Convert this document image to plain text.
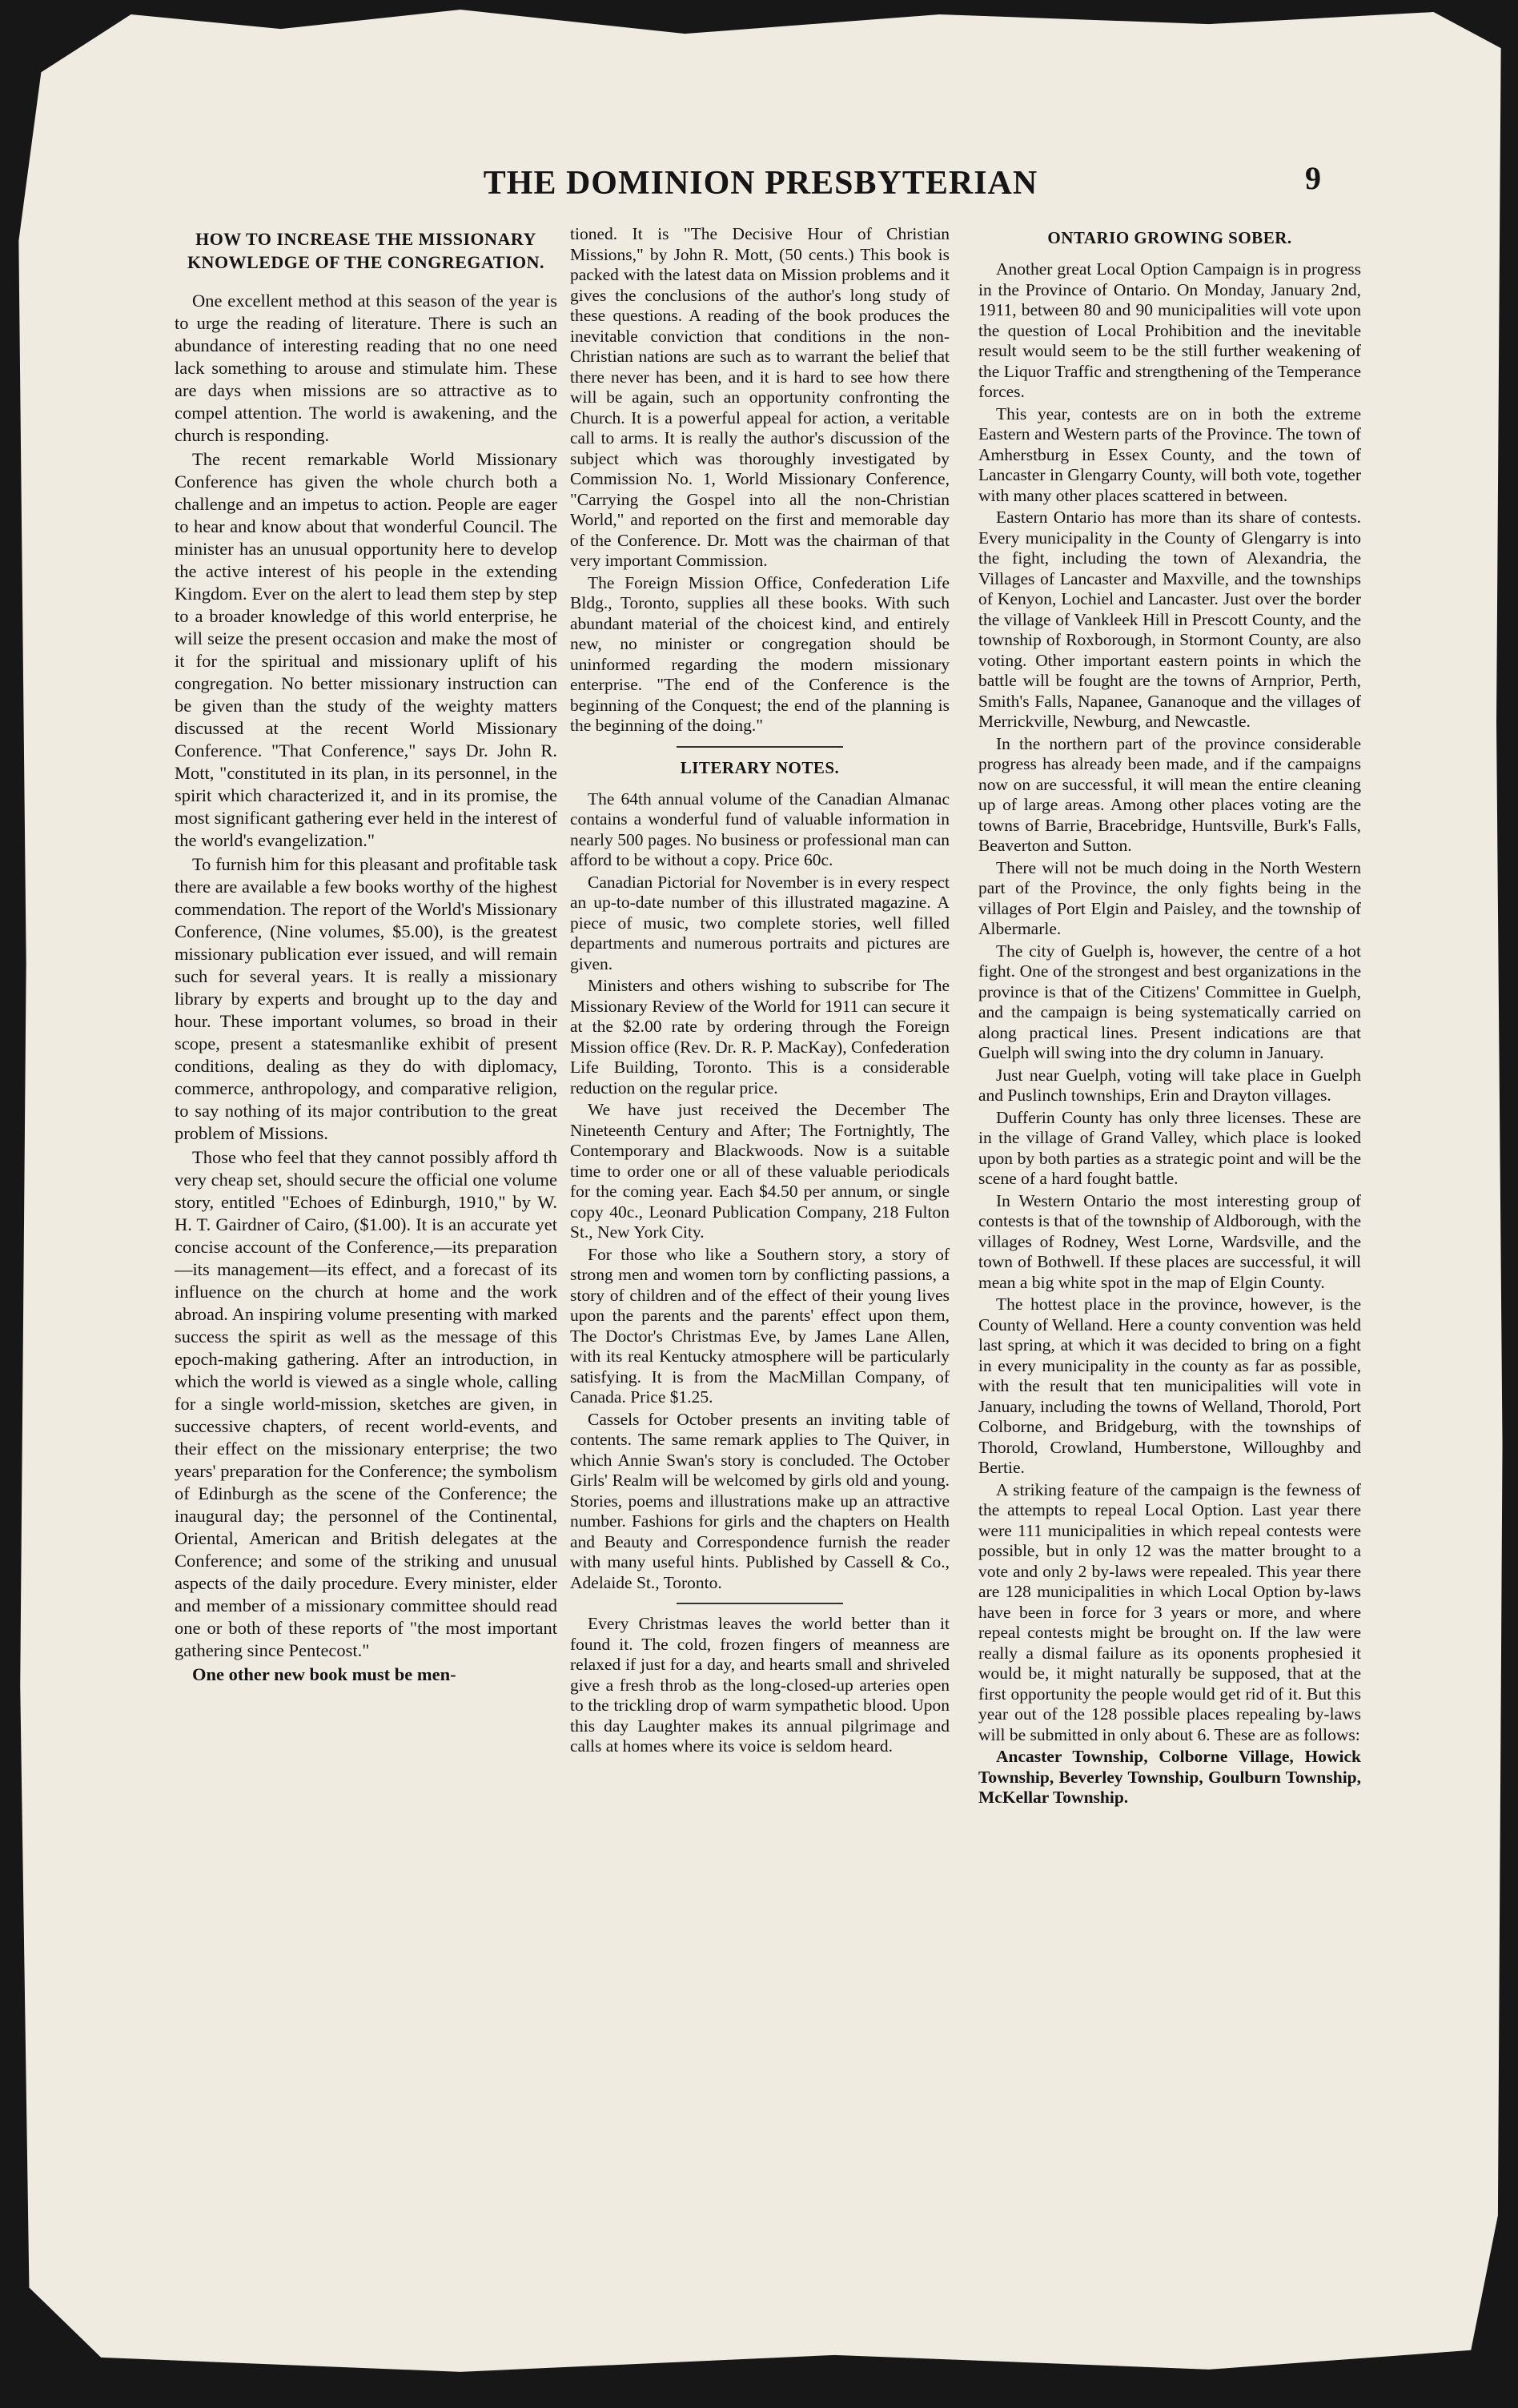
THE DOMINION PRESBYTERIAN	9
HOW TO INCREASE THE MISSIONARY KNOWLEDGE OF THE CONGREGATION.

One excellent method at this season of the year is to urge the reading of literature. There is such an abundance of interesting reading that no one need lack something to arouse and stimulate him. These are days when missions are so attractive as to compel attention. The world is awakening, and the church is responding.

The recent remarkable World Missionary Conference has given the whole church both a challenge and an impetus to action. People are eager to hear and know about that wonderful Council. The minister has an unusual opportunity here to develop the active interest of his people in the extending Kingdom. Ever on the alert to lead them step by step to a broader knowledge of this world enterprise, he will seize the present occasion and make the most of it for the spiritual and missionary uplift of his congregation. No better missionary instruction can be given than the study of the weighty matters discussed at the recent World Missionary Conference. "That Conference," says Dr. John R. Mott, "constituted in its plan, in its personnel, in the spirit which characterized it, and in its promise, the most significant gathering ever held in the interest of the world's evangelization."

To furnish him for this pleasant and profitable task there are available a few books worthy of the highest commendation. The report of the World's Missionary Conference, (Nine volumes, $5.00), is the greatest missionary publication ever issued, and will remain such for several years. It is really a missionary library by experts and brought up to the day and hour. These important volumes, so broad in their scope, present a statesmanlike exhibit of present conditions, dealing as they do with diplomacy, commerce, anthropology, and comparative religion, to say nothing of its major contribution to the great problem of Missions.

Those who feel that they cannot possibly afford th very cheap set, should secure the official one volume story, entitled "Echoes of Edinburgh, 1910," by W. H. T. Gairdner of Cairo, ($1.00). It is an accurate yet concise account of the Conference,—its preparation—its management—its effect, and a forecast of its influence on the church at home and the work abroad. An inspiring volume presenting with marked success the spirit as well as the message of this epoch-making gathering. After an introduction, in which the world is viewed as a single whole, calling for a single world-mission, sketches are given, in successive chapters, of recent world-events, and their effect on the missionary enterprise; the two years' preparation for the Conference; the symbolism of Edinburgh as the scene of the Conference; the inaugural day; the personnel of the Continental, Oriental, American and British delegates at the Conference; and some of the striking and unusual aspects of the daily procedure. Every minister, elder and member of a missionary committee should read one or both of these reports of "the most important gathering since Pentecost."

One other new book must be men-

tioned. It is "The Decisive Hour of Christian Missions," by John R. Mott, (50 cents.) This book is packed with the latest data on Mission problems and it gives the conclusions of the author's long study of these questions. A reading of the book produces the inevitable conviction that conditions in the non-Christian nations are such as to warrant the belief that there never has been, and it is hard to see how there will be again, such an opportunity confronting the Church. It is a powerful appeal for action, a veritable call to arms. It is really the author's discussion of the subject which was thoroughly investigated by Commission No. 1, World Missionary Conference, "Carrying the Gospel into all the non-Christian World," and reported on the first and memorable day of the Conference. Dr. Mott was the chairman of that very important Commission.

The Foreign Mission Office, Confederation Life Bldg., Toronto, supplies all these books. With such abundant material of the choicest kind, and entirely new, no minister or congregation should be uninformed regarding the modern missionary enterprise. "The end of the Conference is the beginning of the Conquest; the end of the planning is the beginning of the doing."

LITERARY NOTES.

The 64th annual volume of the Canadian Almanac contains a wonderful fund of valuable information in nearly 500 pages. No business or professional man can afford to be without a copy. Price 60c.

Canadian Pictorial for November is in every respect an up-to-date number of this illustrated magazine. A piece of music, two complete stories, well filled departments and numerous portraits and pictures are given.

Ministers and others wishing to subscribe for The Missionary Review of the World for 1911 can secure it at the $2.00 rate by ordering through the Foreign Mission office (Rev. Dr. R. P. MacKay), Confederation Life Building, Toronto. This is a considerable reduction on the regular price.

We have just received the December The Nineteenth Century and After; The Fortnightly, The Contemporary and Blackwoods. Now is a suitable time to order one or all of these valuable periodicals for the coming year. Each $4.50 per annum, or single copy 40c., Leonard Publication Company, 218 Fulton St., New York City.

For those who like a Southern story, a story of strong men and women torn by conflicting passions, a story of children and of the effect of their young lives upon the parents and the parents' effect upon them, The Doctor's Christmas Eve, by James Lane Allen, with its real Kentucky atmosphere will be particularly satisfying. It is from the MacMillan Company, of Canada. Price $1.25.

Cassels for October presents an inviting table of contents. The same remark applies to The Quiver, in which Annie Swan's story is concluded. The October Girls' Realm will be welcomed by girls old and young. Stories, poems and illustrations make up an attractive number. Fashions for girls and the chapters on Health and Beauty and Correspondence furnish the reader with many useful hints. Published by Cassell & Co., Adelaide St., Toronto.

Every Christmas leaves the world better than it found it. The cold, frozen fingers of meanness are relaxed if just for a day, and hearts small and shriveled give a fresh throb as the long-closed-up arteries open to the trickling drop of warm sympathetic blood. Upon this day Laughter makes its annual pilgrimage and calls at homes where its voice is seldom heard.

ONTARIO GROWING SOBER.

Another great Local Option Campaign is in progress in the Province of Ontario. On Monday, January 2nd, 1911, between 80 and 90 municipalities will vote upon the question of Local Prohibition and the inevitable result would seem to be the still further weakening of the Liquor Traffic and strengthening of the Temperance forces.

This year, contests are on in both the extreme Eastern and Western parts of the Province. The town of Amherstburg in Essex County, and the town of Lancaster in Glengarry County, will both vote, together with many other places scattered in between.

Eastern Ontario has more than its share of contests. Every municipality in the County of Glengarry is into the fight, including the town of Alexandria, the Villages of Lancaster and Maxville, and the townships of Kenyon, Lochiel and Lancaster. Just over the border the village of Vankleek Hill in Prescott County, and the township of Roxborough, in Stormont County, are also voting. Other important eastern points in which the battle will be fought are the towns of Arnprior, Perth, Smith's Falls, Napanee, Gananoque and the villages of Merrickville, Newburg, and Newcastle.

In the northern part of the province considerable progress has already been made, and if the campaigns now on are successful, it will mean the entire cleaning up of large areas. Among other places voting are the towns of Barrie, Bracebridge, Huntsville, Burk's Falls, Beaverton and Sutton.

There will not be much doing in the North Western part of the Province, the only fights being in the villages of Port Elgin and Paisley, and the township of Albermarle.

The city of Guelph is, however, the centre of a hot fight. One of the strongest and best organizations in the province is that of the Citizens' Committee in Guelph, and the campaign is being systematically carried on along practical lines. Present indications are that Guelph will swing into the dry column in January.

Just near Guelph, voting will take place in Guelph and Puslinch townships, Erin and Drayton villages.

Dufferin County has only three licenses. These are in the village of Grand Valley, which place is looked upon by both parties as a strategic point and will be the scene of a hard fought battle.

In Western Ontario the most interesting group of contests is that of the township of Aldborough, with the villages of Rodney, West Lorne, Wardsville, and the town of Bothwell. If these places are successful, it will mean a big white spot in the map of Elgin County.

The hottest place in the province, however, is the County of Welland. Here a county convention was held last spring, at which it was decided to bring on a fight in every municipality in the county as far as possible, with the result that ten municipalities will vote in January, including the towns of Welland, Thorold, Port Colborne, and Bridgeburg, with the townships of Thorold, Crowland, Humberstone, Willoughby and Bertie.

A striking feature of the campaign is the fewness of the attempts to repeal Local Option. Last year there were 111 municipalities in which repeal contests were possible, but in only 12 was the matter brought to a vote and only 2 by-laws were repealed. This year there are 128 municipalities in which Local Option by-laws have been in force for 3 years or more, and where repeal contests might be brought on. If the law were really a dismal failure as its oponents prophesied it would be, it might naturally be supposed, that at the first opportunity the people would get rid of it. But this year out of the 128 possible places repealing by-laws will be submitted in only about 6. These are as follows:

Ancaster Township, Colborne Village, Howick Township, Beverley Township, Goulburn Township, McKellar Township.
